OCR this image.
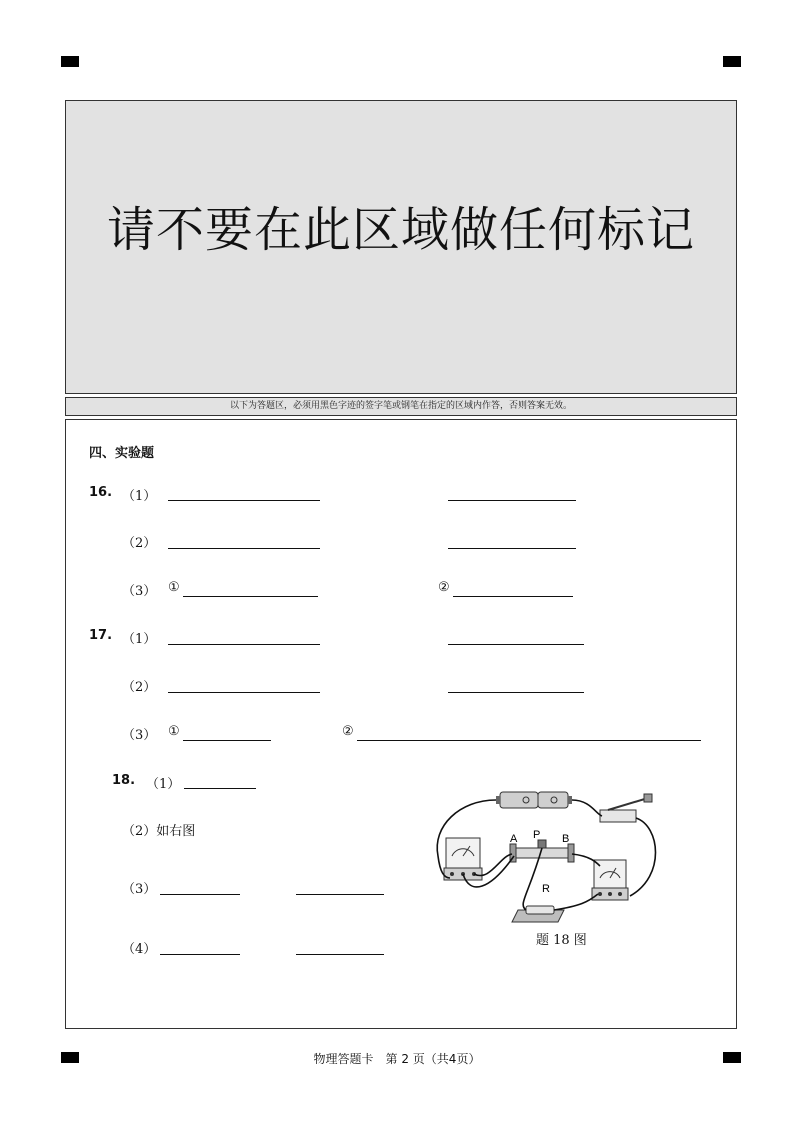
请不要在此区域做任何标记
以下为答题区，必须用黑色字迹的签字笔或钢笔在指定的区域内作答，否则答案无效。
四、实验题
16. （1）
（2）
（3） ①	②
17. （1）
（2）
（3） ①	②
18. （1）
（2）如右图
（3）
（4）
A P B
R
题 18 图
物理答题卡　第 2 页（共4页）
